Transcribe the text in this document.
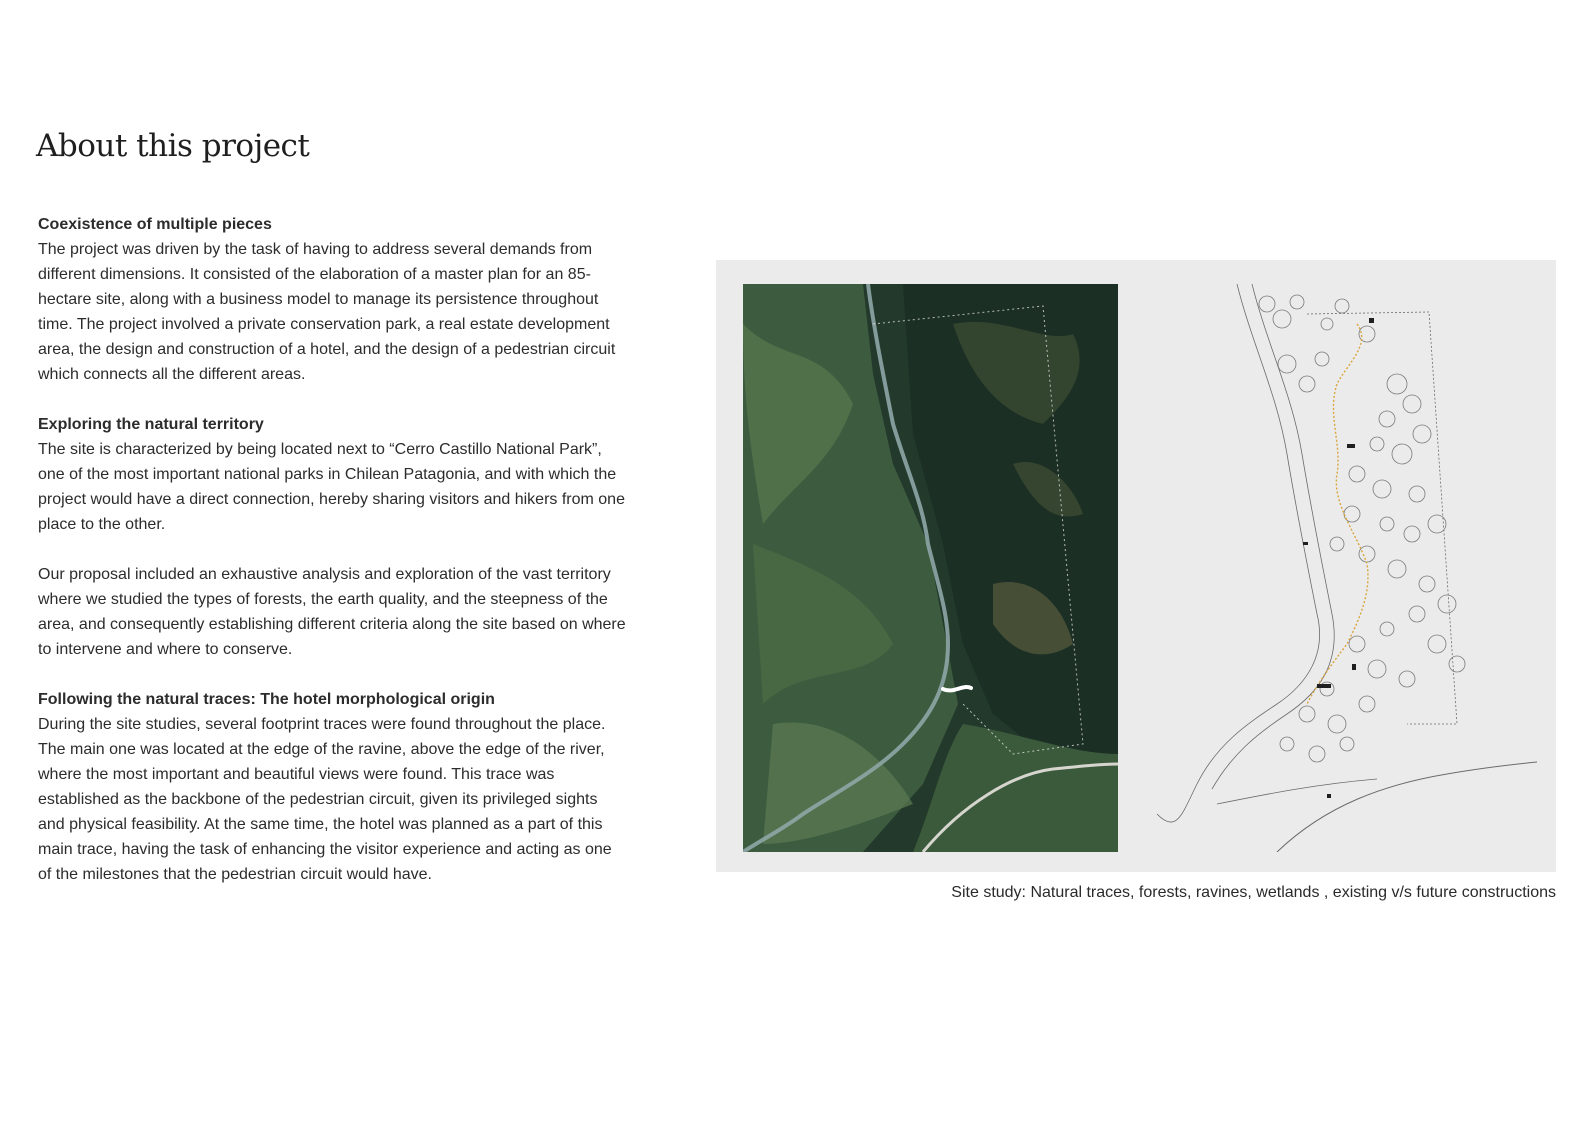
About this project
Coexistence of multiple pieces

The project was driven by the task of having to address several demands from different dimensions. It consisted of the elaboration of a master plan for an 85-hectare site, along with a business model to manage its persistence throughout time. The project involved a private conservation park, a real estate development area, the design and construction of a hotel, and the design of a pedestrian circuit which connects all the different areas.

Exploring the natural territory

The site is characterized by being located next to “Cerro Castillo National Park”, one of the most important national parks in Chilean Patagonia, and with which the project would have a direct connection, hereby sharing visitors and hikers from one place to the other.

Our proposal included an exhaustive analysis and exploration of the vast territory where we studied the types of forests, the earth quality, and the steepness of the area, and consequently establishing different criteria along the site based on where to intervene and where to conserve.

Following the natural traces: The hotel morphological origin

During the site studies, several footprint traces were found throughout the place. The main one was located at the edge of the ravine, above the edge of the river, where the most important and beautiful views were found. This trace was established as the backbone of the pedestrian circuit, given its privileged sights and physical feasibility. At the same time, the hotel was planned as a part of this main trace, having the task of enhancing the visitor experience and acting as one of the milestones that the pedestrian circuit would have.

Site study: Natural traces, forests, ravines, wetlands , existing v/s future constructions
